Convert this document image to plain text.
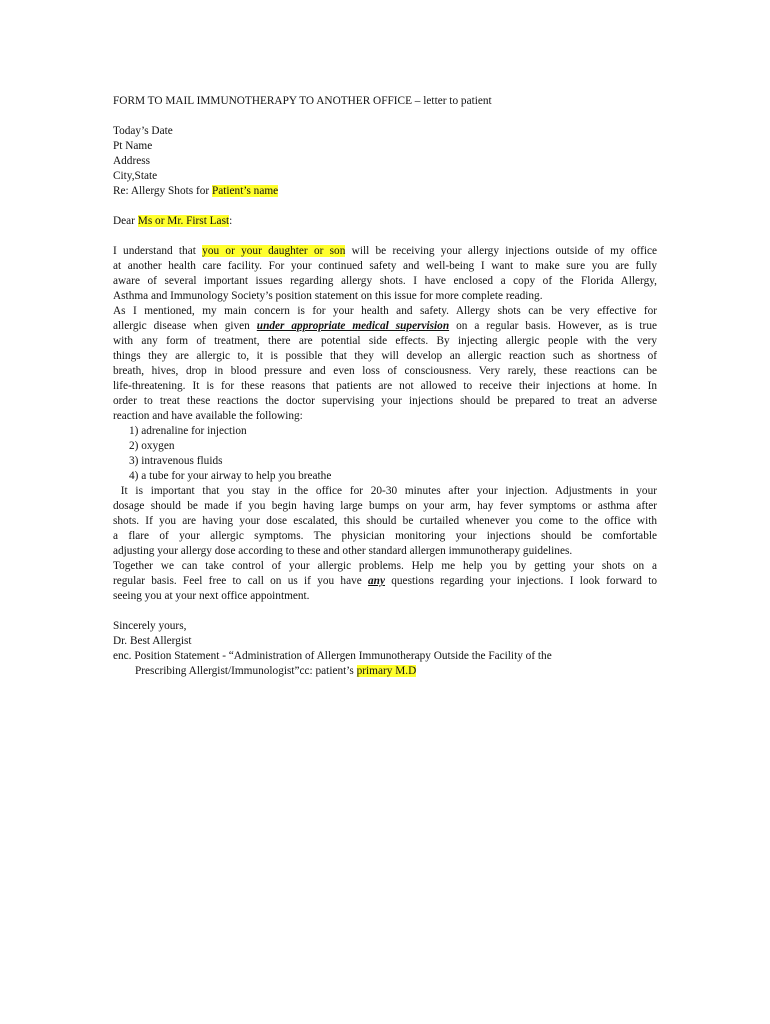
FORM TO MAIL IMMUNOTHERAPY TO ANOTHER OFFICE – letter to patient
Today’s Date
Pt Name
Address
City,State
Re: Allergy Shots for Patient’s name
Dear Ms or Mr. First Last:
I understand that you or your daughter or son will be receiving your allergy injections outside of my office
at another health care facility. For your continued safety and well-being I want to make sure you are fully
aware of several important issues regarding allergy shots. I have enclosed a copy of the Florida Allergy,
Asthma and Immunology Society’s position statement on this issue for more complete reading.
As I mentioned, my main concern is for your health and safety. Allergy shots can be very effective for
allergic disease when given under appropriate medical supervision on a regular basis. However, as is true
with any form of treatment, there are potential side effects. By injecting allergic people with the very
things they are allergic to, it is possible that they will develop an allergic reaction such as shortness of
breath, hives, drop in blood pressure and even loss of consciousness. Very rarely, these reactions can be
life-threatening. It is for these reasons that patients are not allowed to receive their injections at home. In
order to treat these reactions the doctor supervising your injections should be prepared to treat an adverse
reaction and have available the following:
1) adrenaline for injection
2) oxygen
3) intravenous fluids
4) a tube for your airway to help you breathe
It is important that you stay in the office for 20-30 minutes after your injection. Adjustments in your
dosage should be made if you begin having large bumps on your arm, hay fever symptoms or asthma after
shots. If you are having your dose escalated, this should be curtailed whenever you come to the office with
a flare of your allergic symptoms. The physician monitoring your injections should be comfortable
adjusting your allergy dose according to these and other standard allergen immunotherapy guidelines.
Together we can take control of your allergic problems. Help me help you by getting your shots on a
regular basis. Feel free to call on us if you have any questions regarding your injections. I look forward to
seeing you at your next office appointment.
Sincerely yours,
Dr. Best Allergist
enc. Position Statement - “Administration of Allergen Immunotherapy Outside the Facility of the
Prescribing Allergist/Immunologist”cc: patient’s primary M.D
